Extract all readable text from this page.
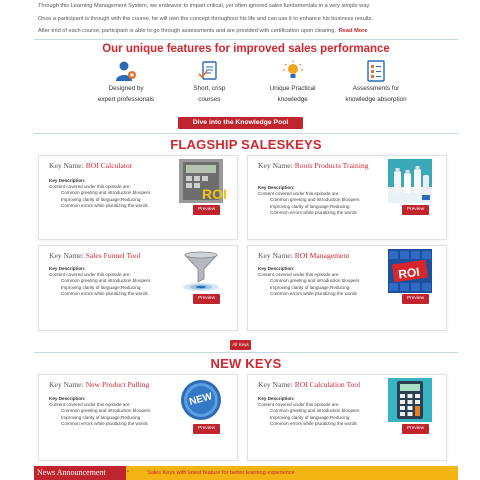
Through this Learning Management System, we endeavor to impart critical, yet often ignored sales fundamentals in a very simple way.

Once a participant is through with the course, he will own the concept throughout his life and can use it to enhance his business results.

After end of each course, participant is able to go through assessments and are provided with certification upon clearing. Read More

Our unique features for improved sales performance
Designed by
expert professionals
Short, crisp
courses
Unique Practical
knowledge
Assessments for
knowledge absorption
Dive into the Knowledge Pool
FLAGSHIP SALESKEYS
Key Name: ROI Calculator
Key Description:
Content covered under this episode are:
Common greeting and introduction bloopers
Improving clarity of language;Reducing
Common errors while pluralizing the words
ROI
Preview
Key Name: Roots Products Training
Key Description:
Content covered under this episode are:
Common greeting and introduction bloopers
Improving clarity of language;Reducing
Common errors while pluralizing the words
Preview
Key Name: Sales Funnel Tool
Key Description:
Content covered under this episode are:
Common greeting and introduction bloopers
Improving clarity of language;Reducing
Common errors while pluralizing the words
Preview
Key Name: ROI Management
Key Description:
Content covered under this episode are:
Common greeting and introduction bloopers
Improving clarity of language;Reducing
Common errors while pluralizing the words
ROI
Preview
All Keys
NEW KEYS
Key Name: New Product Pulling
Key Description:
Content covered under this episode are:
Common greeting and introduction bloopers
Improving clarity of language;Reducing
Common errors while pluralizing the words
NEW
Preview
Key Name: ROI Calculation Tool
Key Description:
Content covered under this episode are:
Common greeting and introduction bloopers
Improving clarity of language;Reducing
Common errors while pluralizing the words
Preview
News Announcement	•	Sales Keys with latest feature for better learning experience
